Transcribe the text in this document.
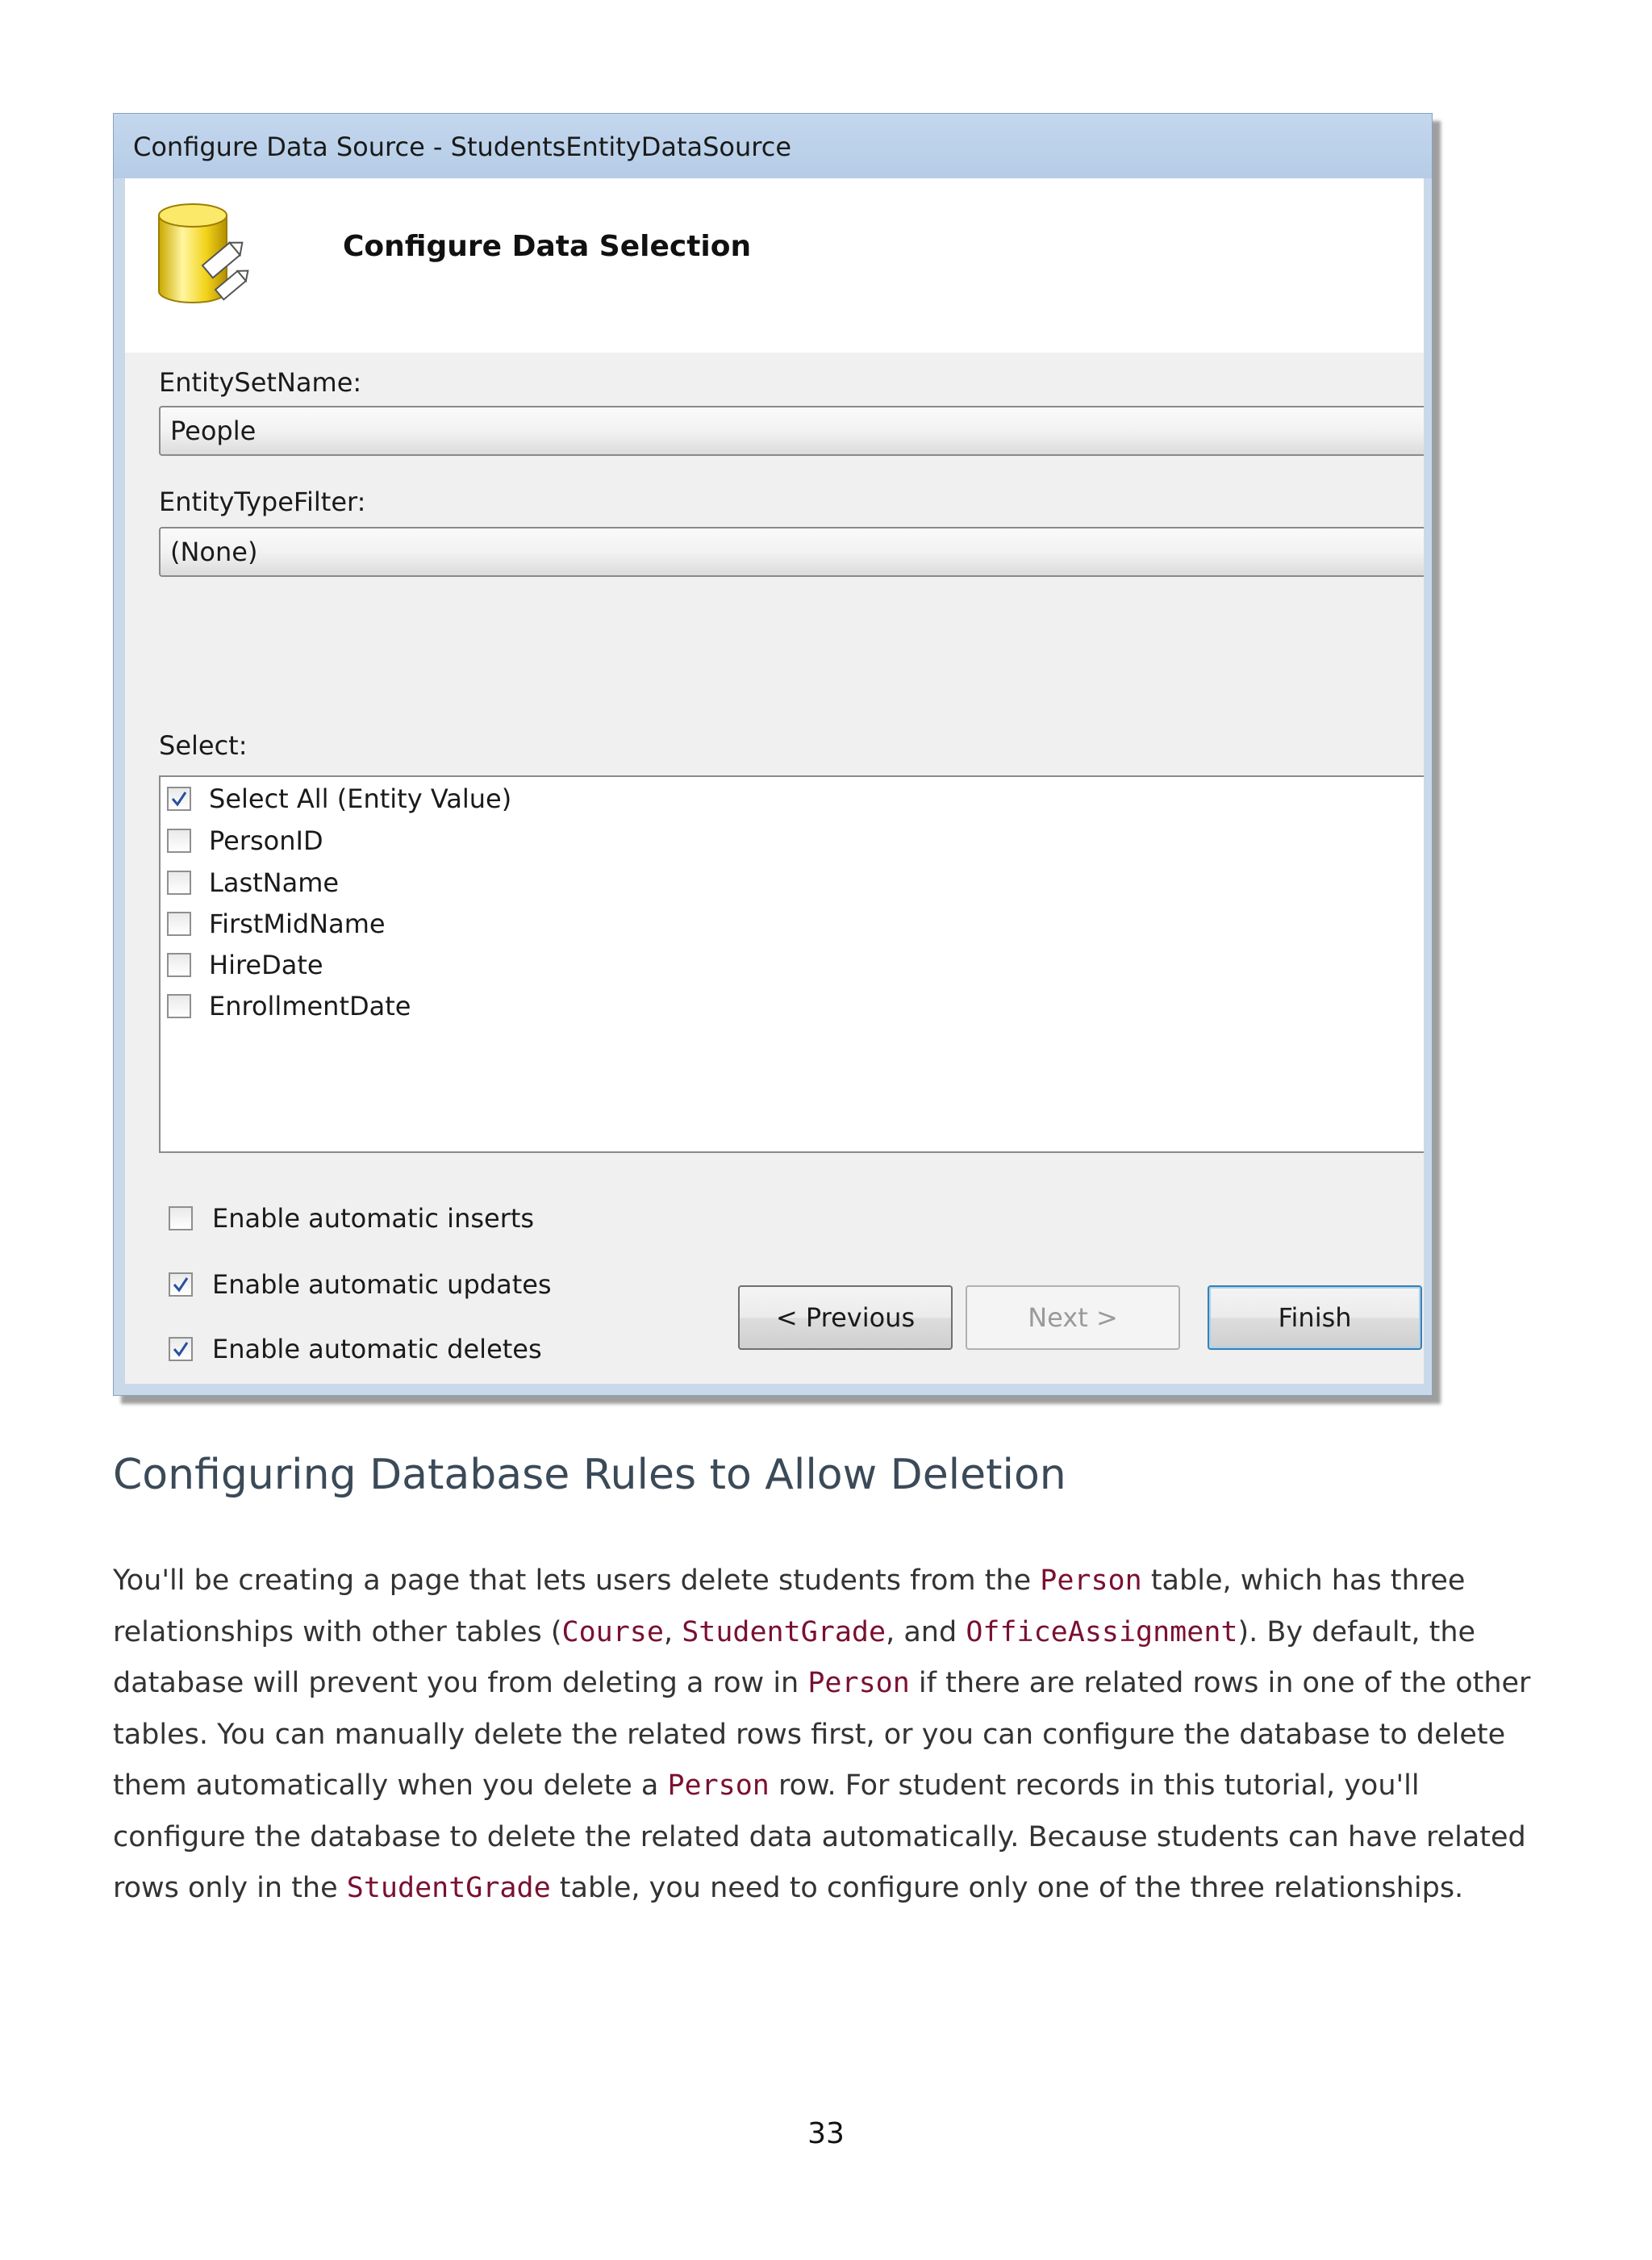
Configure Data Source - StudentsEntityDataSource
Configure Data Selection
EntitySetName:
People
EntityTypeFilter:
(None)
Select:
Select All (Entity Value)
PersonID
LastName
FirstMidName
HireDate
EnrollmentDate
Enable automatic inserts
Enable automatic updates
Enable automatic deletes
< Previous	Next >	Finish
Configuring Database Rules to Allow Deletion

You'll be creating a page that lets users delete students from the Person table, which has three relationships with other tables (Course, StudentGrade, and OfficeAssignment). By default, the database will prevent you from deleting a row in Person if there are related rows in one of the other tables. You can manually delete the related rows first, or you can configure the database to delete them automatically when you delete a Person row. For student records in this tutorial, you'll configure the database to delete the related data automatically. Because students can have related rows only in the StudentGrade table, you need to configure only one of the three relationships.

33
